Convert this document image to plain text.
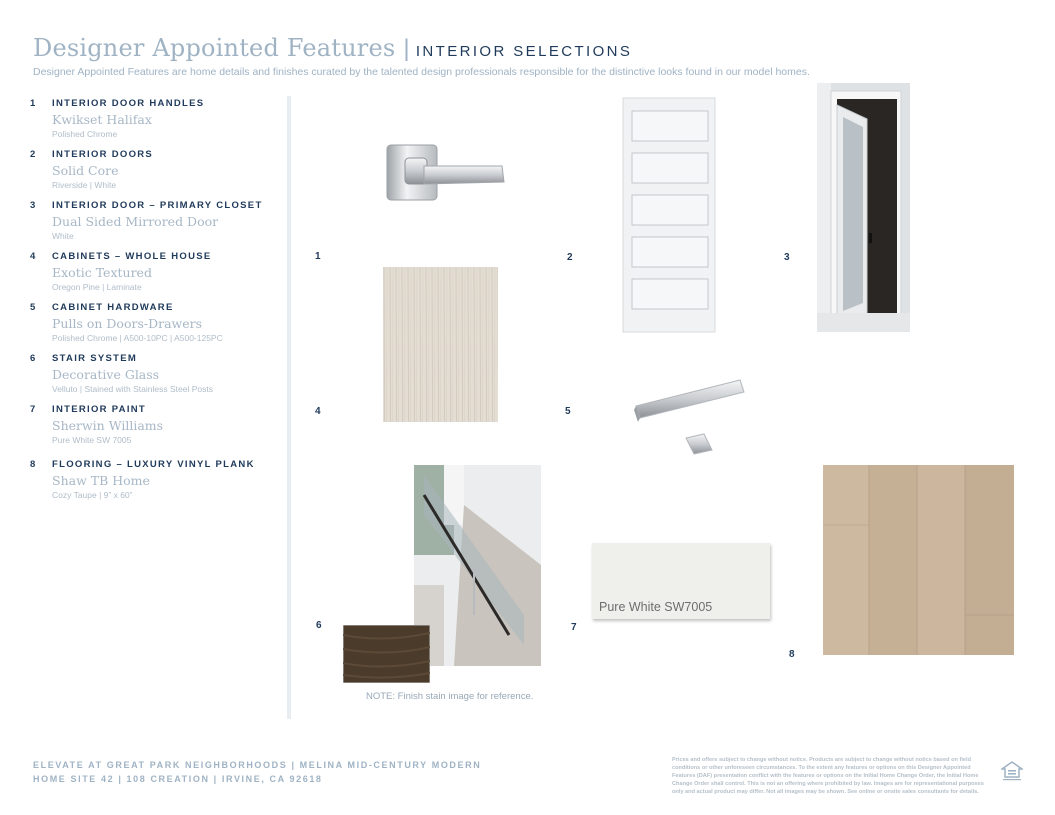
Designer Appointed Features | INTERIOR SELECTIONS
Designer Appointed Features are home details and finishes curated by the talented design professionals responsible for the distinctive looks found in our model homes.
1 INTERIOR DOOR HANDLES
Kwikset Halifax
Polished Chrome
2 INTERIOR DOORS
Solid Core
Riverside | White
3 INTERIOR DOOR – PRIMARY CLOSET
Dual Sided Mirrored Door
White
4 CABINETS – WHOLE HOUSE
Exotic Textured
Oregon Pine | Laminate
5 CABINET HARDWARE
Pulls on Doors-Drawers
Polished Chrome | A500-10PC | A500-125PC
6 STAIR SYSTEM
Decorative Glass
Velluto | Stained with Stainless Steel Posts
7 INTERIOR PAINT
Sherwin Williams
Pure White SW 7005
8 FLOORING – LUXURY VINYL PLANK
Shaw TB Home
Cozy Taupe | 9” x 60”
Pure White SW7005
1	2	3
4	5
6	7
8
NOTE: Finish stain image for reference.
ELEVATE AT GREAT PARK NEIGHBORHOODS | MELINA MID-CENTURY MODERN
HOME SITE 42 | 108 CREATION | IRVINE, CA 92618
Prices and offers subject to change without notice. Products are subject to change without notice based on field conditions or other unforeseen circumstances. To the extent any features or options on this Designer Appointed Features (DAF) presentation conflict with the features or options on the Initial Home Change Order, the Initial Home Change Order shall control. This is not an offering where prohibited by law. Images are for representational purposes only and actual product may differ. Not all images may be shown. See online or onsite sales consultants for details.
